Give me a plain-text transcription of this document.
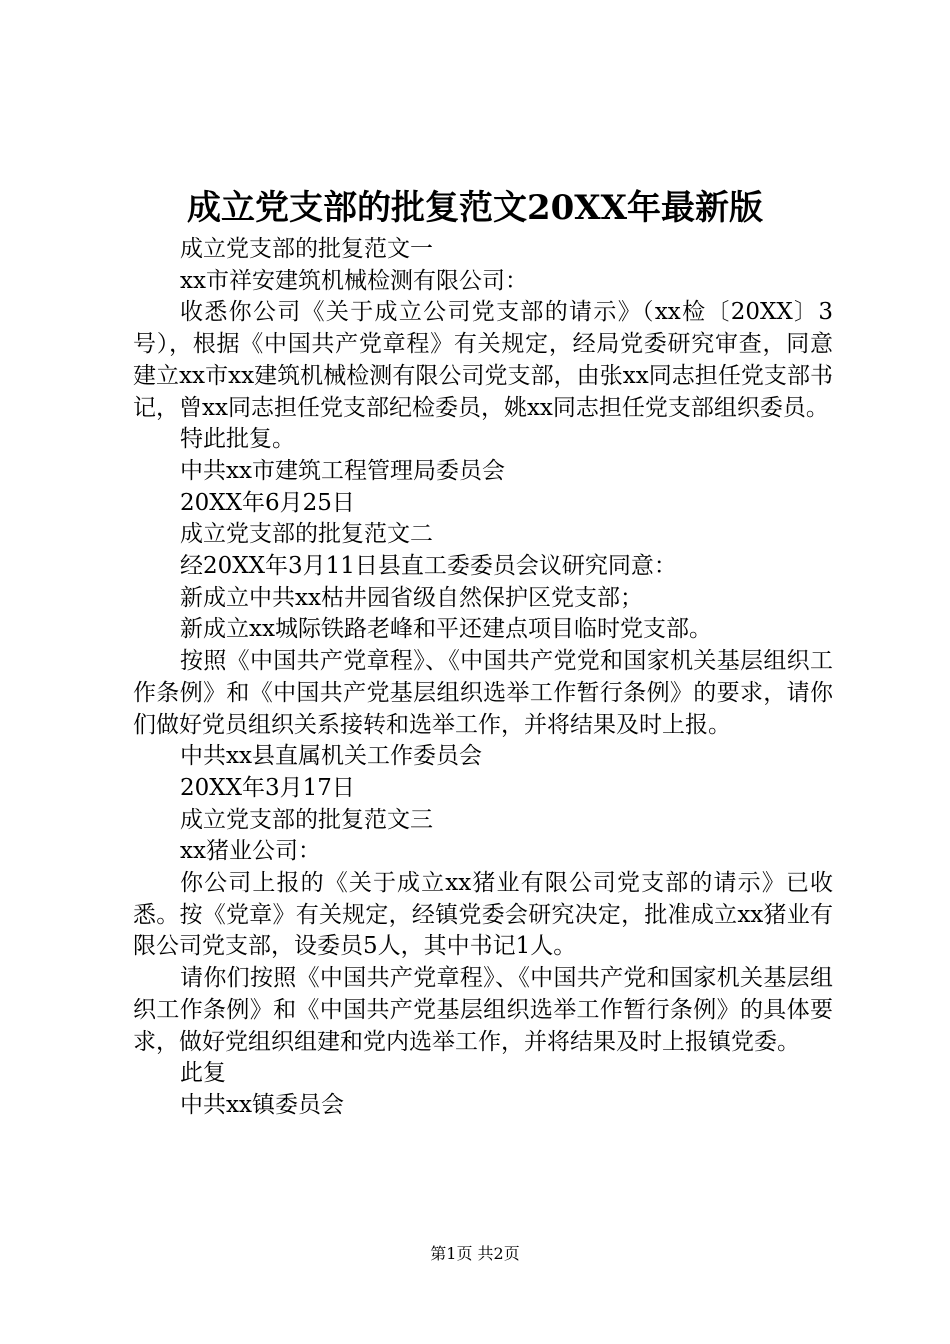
成立党支部的批复范文20XX年最新版

成立党支部的批复范文一

xx市祥安建筑机械检测有限公司：

收悉你公司《关于成立公司党支部的请示》（xx检〔20XX〕3号），根据《中国共产党章程》有关规定，经局党委研究审查，同意建立xx市xx建筑机械检测有限公司党支部，由张xx同志担任党支部书记，曾xx同志担任党支部纪检委员，姚xx同志担任党支部组织委员。

特此批复。

中共xx市建筑工程管理局委员会

20XX年6月25日

成立党支部的批复范文二

经20XX年3月11日县直工委委员会议研究同意：

新成立中共xx枯井园省级自然保护区党支部；

新成立xx城际铁路老峰和平还建点项目临时党支部。

按照《中国共产党章程》、《中国共产党党和国家机关基层组织工作条例》和《中国共产党基层组织选举工作暂行条例》的要求，请你们做好党员组织关系接转和选举工作，并将结果及时上报。

中共xx县直属机关工作委员会

20XX年3月17日

成立党支部的批复范文三

xx猪业公司：

你公司上报的《关于成立xx猪业有限公司党支部的请示》已收悉。按《党章》有关规定，经镇党委会研究决定，批准成立xx猪业有限公司党支部，设委员5人，其中书记1人。

请你们按照《中国共产党章程》、《中国共产党和国家机关基层组织工作条例》和《中国共产党基层组织选举工作暂行条例》的具体要求，做好党组织组建和党内选举工作，并将结果及时上报镇党委。

此复

中共xx镇委员会

第1页 共2页
